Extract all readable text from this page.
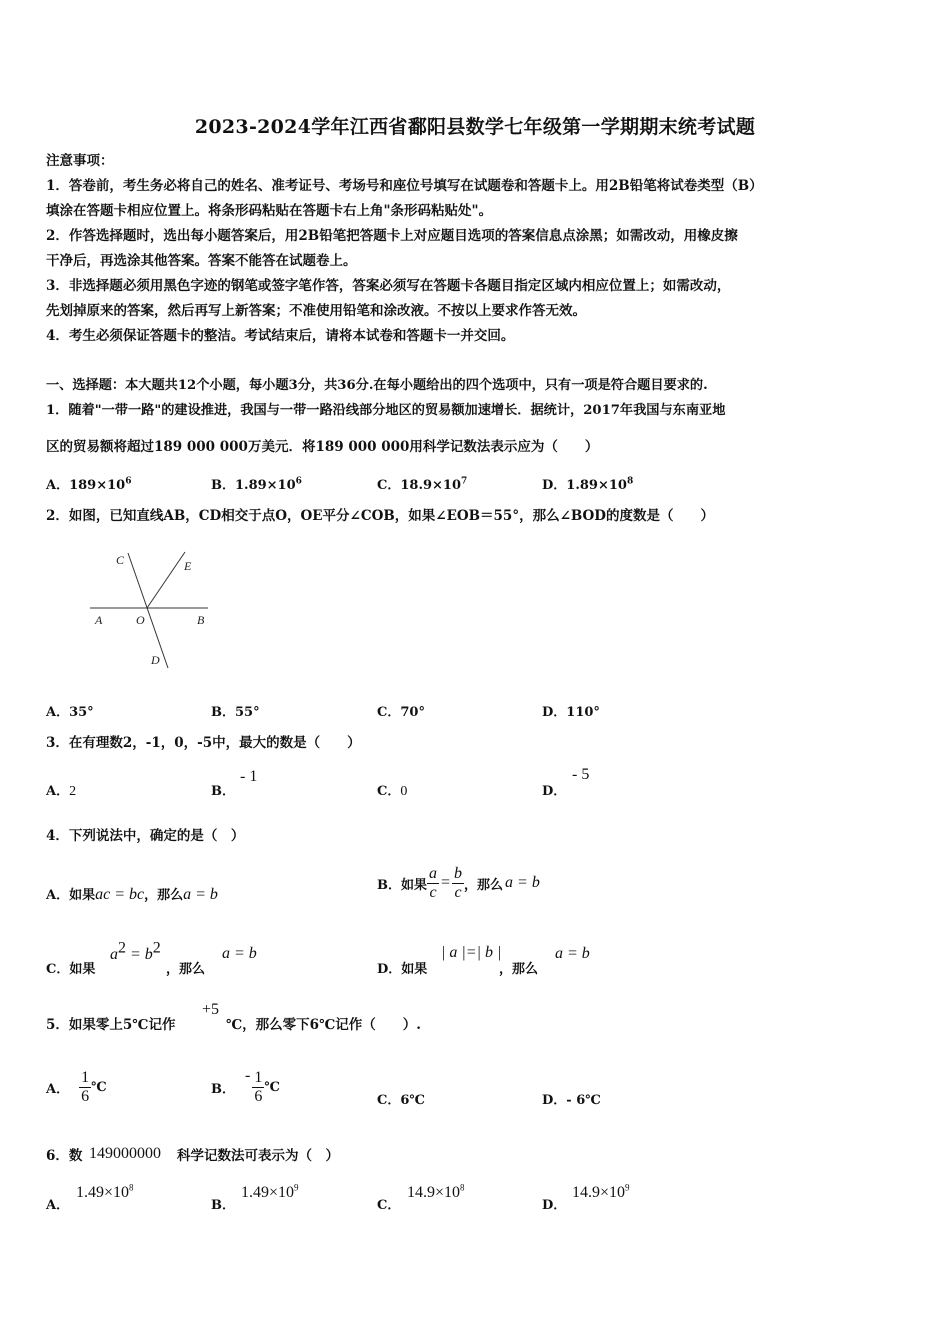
2023-2024学年江西省鄱阳县数学七年级第一学期期末统考试题
注意事项：
1．答卷前，考生务必将自己的姓名、准考证号、考场号和座位号填写在试题卷和答题卡上。用2B铅笔将试卷类型（B）
填涂在答题卡相应位置上。将条形码粘贴在答题卡右上角"条形码粘贴处"。
2．作答选择题时，选出每小题答案后，用2B铅笔把答题卡上对应题目选项的答案信息点涂黑；如需改动，用橡皮擦
干净后，再选涂其他答案。答案不能答在试题卷上。
3．非选择题必须用黑色字迹的钢笔或签字笔作答，答案必须写在答题卡各题目指定区域内相应位置上；如需改动，
先划掉原来的答案，然后再写上新答案；不准使用铅笔和涂改液。不按以上要求作答无效。
4．考生必须保证答题卡的整洁。考试结束后，请将本试卷和答题卡一并交回。
一、选择题：本大题共12个小题，每小题3分，共36分.在每小题给出的四个选项中，只有一项是符合题目要求的.
1．随着"一带一路"的建设推进，我国与一带一路沿线部分地区的贸易额加速增长．据统计，2017年我国与东南亚地
区的贸易额将超过189 000 000万美元．将189 000 000用科学记数法表示应为（　　）
A．$189\times 10^6$	B．$1.89\times 10^6$	C．$18.9\times 10^7$	D．$1.89\times 10^8$
2．如图，已知直线AB，CD相交于点O，OE平分∠COB，如果∠EOB＝55°，那么∠BOD的度数是（　　）
C	E
A	O	B
D
A．35°	B．55°	C．70°	D．110°
3．在有理数2，-1，0，-5中，最大的数是（　　）
A．2	B．
- 1
C．0	D．
- 5
4．下列说法中，确定的是（　）
A．如果ac = bc，那么a = b
B．如果 $\frac{a}{c} = \frac{b}{c}$ ，那么 a = b
C．如果
$a^2 = b^2$
，那么
a = b
D．如果
| a |=| b |
，那么
a = b
5．如果零上5℃记作
+5
℃，那么零下6℃记作（　　）.
A． $\frac{1}{6}$ ℃	B．
- $\frac{1}{6}$ ℃
C．6℃	D．- 6℃
6．数 149000000 科学记数法可表示为（　）
A．
$1.49\times 10^8$
B．
$1.49\times 10^9$
C．
$14.9\times 10^8$
D．
$14.9\times 10^9$
